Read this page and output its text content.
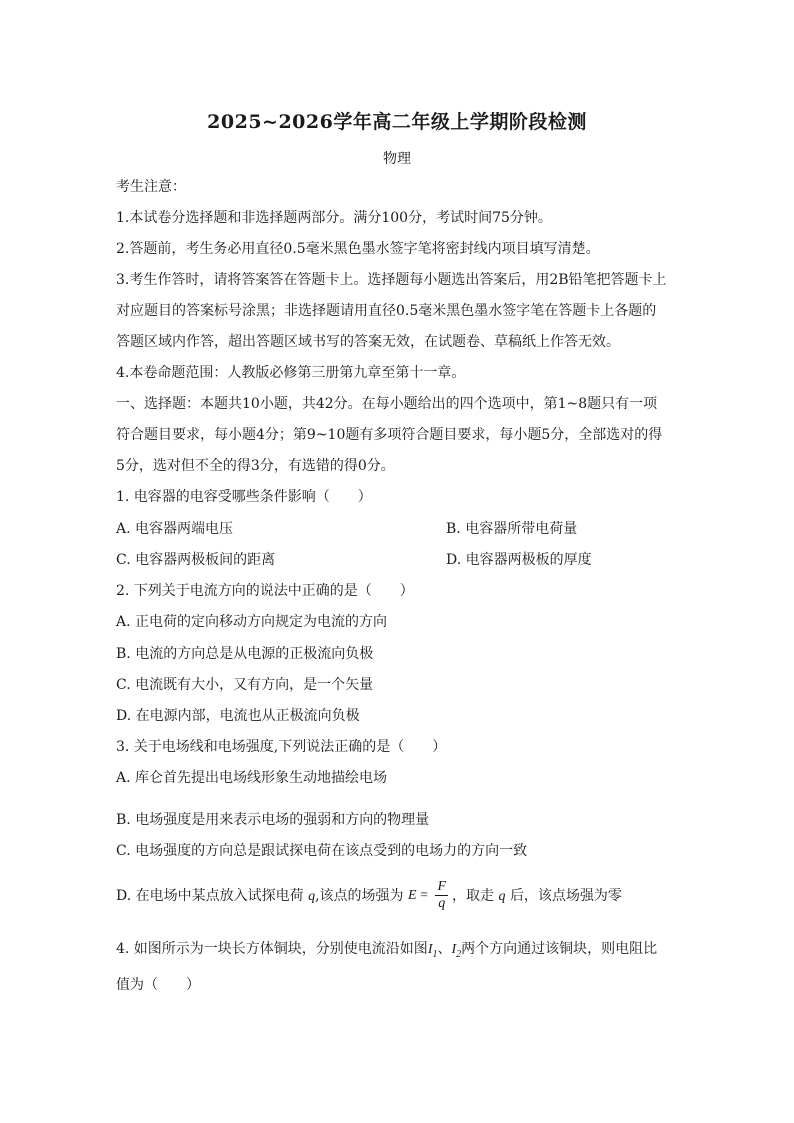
2025~2026学年高二年级上学期阶段检测
物理
考生注意：
1.本试卷分选择题和非选择题两部分。满分100分，考试时间75分钟。
2.答题前，考生务必用直径0.5毫米黑色墨水签字笔将密封线内项目填写清楚。
3.考生作答时，请将答案答在答题卡上。选择题每小题选出答案后，用2B铅笔把答题卡上
对应题目的答案标号涂黑；非选择题请用直径0.5毫米黑色墨水签字笔在答题卡上各题的
答题区域内作答，超出答题区域书写的答案无效，在试题卷、草稿纸上作答无效。
4.本卷命题范围：人教版必修第三册第九章至第十一章。
一、选择题：本题共10小题，共42分。在每小题给出的四个选项中，第1~8题只有一项
符合题目要求，每小题4分；第9~10题有多项符合题目要求，每小题5分，全部选对的得
5分，选对但不全的得3分，有选错的得0分。
1. 电容器的电容受哪些条件影响（　　）
A. 电容器两端电压	B. 电容器所带电荷量
C. 电容器两极板间的距离	D. 电容器两极板的厚度
2. 下列关于电流方向的说法中正确的是（　　）
A. 正电荷的定向移动方向规定为电流的方向
B. 电流的方向总是从电源的正极流向负极
C. 电流既有大小，又有方向，是一个矢量
D. 在电源内部，电流也从正极流向负极
3. 关于电场线和电场强度,下列说法正确的是（　　）
A. 库仑首先提出电场线形象生动地描绘电场
B. 电场强度是用来表示电场的强弱和方向的物理量
C. 电场强度的方向总是跟试探电荷在该点受到的电场力的方向一致
D. 在电场中某点放入试探电荷 q,该点的场强为 $E = \frac{F}{q}$ ，取走 q 后，该点场强为零
4. 如图所示为一块长方体铜块，分别使电流沿如图$I_1$、$I_2$两个方向通过该铜块，则电阻比
值为（　　）
